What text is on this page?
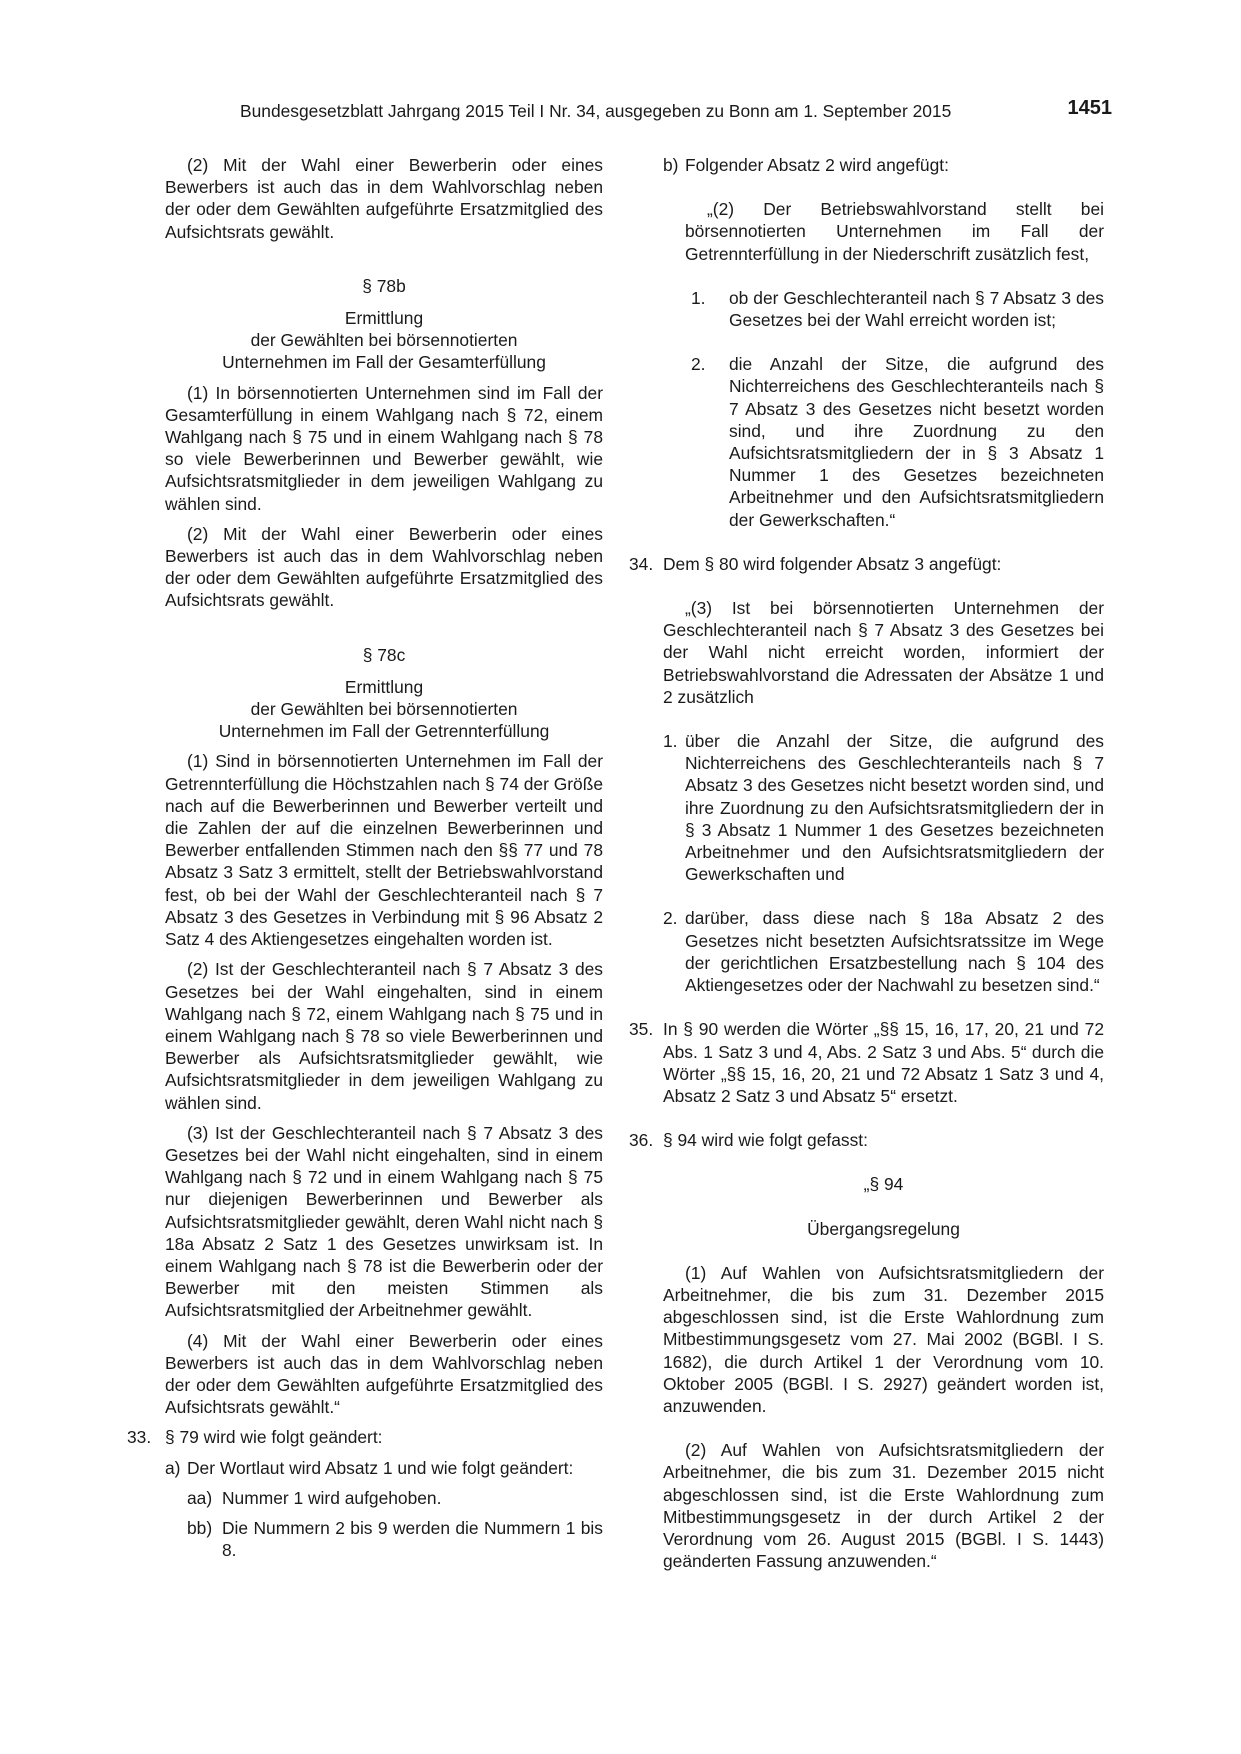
Bundesgesetzblatt Jahrgang 2015 Teil I Nr. 34, ausgegeben zu Bonn am 1. September 2015	1451

(2) Mit der Wahl einer Bewerberin oder eines Bewerbers ist auch das in dem Wahlvorschlag neben der oder dem Gewählten aufgeführte Ersatzmitglied des Aufsichtsrats gewählt.

§ 78b
Ermittlung
der Gewählten bei börsennotierten
Unternehmen im Fall der Gesamterfüllung

(1) In börsennotierten Unternehmen sind im Fall der Gesamterfüllung in einem Wahlgang nach § 72, einem Wahlgang nach § 75 und in einem Wahlgang nach § 78 so viele Bewerberinnen und Bewerber gewählt, wie Aufsichtsratsmitglieder in dem jeweiligen Wahlgang zu wählen sind.

(2) Mit der Wahl einer Bewerberin oder eines Bewerbers ist auch das in dem Wahlvorschlag neben der oder dem Gewählten aufgeführte Ersatzmitglied des Aufsichtsrats gewählt.

§ 78c
Ermittlung
der Gewählten bei börsennotierten
Unternehmen im Fall der Getrennterfüllung

(1) Sind in börsennotierten Unternehmen im Fall der Getrennterfüllung die Höchstzahlen nach § 74 der Größe nach auf die Bewerberinnen und Bewerber verteilt und die Zahlen der auf die einzelnen Bewerberinnen und Bewerber entfallenden Stimmen nach den §§ 77 und 78 Absatz 3 Satz 3 ermittelt, stellt der Betriebswahlvorstand fest, ob bei der Wahl der Geschlechteranteil nach § 7 Absatz 3 des Gesetzes in Verbindung mit § 96 Absatz 2 Satz 4 des Aktiengesetzes eingehalten worden ist.

(2) Ist der Geschlechteranteil nach § 7 Absatz 3 des Gesetzes bei der Wahl eingehalten, sind in einem Wahlgang nach § 72, einem Wahlgang nach § 75 und in einem Wahlgang nach § 78 so viele Bewerberinnen und Bewerber als Aufsichtsratsmitglieder gewählt, wie Aufsichtsratsmitglieder in dem jeweiligen Wahlgang zu wählen sind.

(3) Ist der Geschlechteranteil nach § 7 Absatz 3 des Gesetzes bei der Wahl nicht eingehalten, sind in einem Wahlgang nach § 72 und in einem Wahlgang nach § 75 nur diejenigen Bewerberinnen und Bewerber als Aufsichtsratsmitglieder gewählt, deren Wahl nicht nach § 18a Absatz 2 Satz 1 des Gesetzes unwirksam ist. In einem Wahlgang nach § 78 ist die Bewerberin oder der Bewerber mit den meisten Stimmen als Aufsichtsratsmitglied der Arbeitnehmer gewählt.

(4) Mit der Wahl einer Bewerberin oder eines Bewerbers ist auch das in dem Wahlvorschlag neben der oder dem Gewählten aufgeführte Ersatzmitglied des Aufsichtsrats gewählt.“

33. § 79 wird wie folgt geändert:
a) Der Wortlaut wird Absatz 1 und wie folgt geändert:
aa) Nummer 1 wird aufgehoben.
bb) Die Nummern 2 bis 9 werden die Nummern 1 bis 8.
b) Folgender Absatz 2 wird angefügt:

„(2) Der Betriebswahlvorstand stellt bei börsennotierten Unternehmen im Fall der Getrennterfüllung in der Niederschrift zusätzlich fest,

1. ob der Geschlechteranteil nach § 7 Absatz 3 des Gesetzes bei der Wahl erreicht worden ist;
2. die Anzahl der Sitze, die aufgrund des Nichterreichens des Geschlechteranteils nach § 7 Absatz 3 des Gesetzes nicht besetzt worden sind, und ihre Zuordnung zu den Aufsichtsratsmitgliedern der in § 3 Absatz 1 Nummer 1 des Gesetzes bezeichneten Arbeitnehmer und den Aufsichtsratsmitgliedern der Gewerkschaften.“
34. Dem § 80 wird folgender Absatz 3 angefügt:

„(3) Ist bei börsennotierten Unternehmen der Geschlechteranteil nach § 7 Absatz 3 des Gesetzes bei der Wahl nicht erreicht worden, informiert der Betriebswahlvorstand die Adressaten der Absätze 1 und 2 zusätzlich

1. über die Anzahl der Sitze, die aufgrund des Nichterreichens des Geschlechteranteils nach § 7 Absatz 3 des Gesetzes nicht besetzt worden sind, und ihre Zuordnung zu den Aufsichtsratsmitgliedern der in § 3 Absatz 1 Nummer 1 des Gesetzes bezeichneten Arbeitnehmer und den Aufsichtsratsmitgliedern der Gewerkschaften und
2. darüber, dass diese nach § 18a Absatz 2 des Gesetzes nicht besetzten Aufsichtsratssitze im Wege der gerichtlichen Ersatzbestellung nach § 104 des Aktiengesetzes oder der Nachwahl zu besetzen sind.“
35. In § 90 werden die Wörter „§§ 15, 16, 17, 20, 21 und 72 Abs. 1 Satz 3 und 4, Abs. 2 Satz 3 und Abs. 5“ durch die Wörter „§§ 15, 16, 20, 21 und 72 Absatz 1 Satz 3 und 4, Absatz 2 Satz 3 und Absatz 5“ ersetzt.
36. § 94 wird wie folgt gefasst:
„§ 94
Übergangsregelung

(1) Auf Wahlen von Aufsichtsratsmitgliedern der Arbeitnehmer, die bis zum 31. Dezember 2015 abgeschlossen sind, ist die Erste Wahlordnung zum Mitbestimmungsgesetz vom 27. Mai 2002 (BGBl. I S. 1682), die durch Artikel 1 der Verordnung vom 10. Oktober 2005 (BGBl. I S. 2927) geändert worden ist, anzuwenden.

(2) Auf Wahlen von Aufsichtsratsmitgliedern der Arbeitnehmer, die bis zum 31. Dezember 2015 nicht abgeschlossen sind, ist die Erste Wahlordnung zum Mitbestimmungsgesetz in der durch Artikel 2 der Verordnung vom 26. August 2015 (BGBl. I S. 1443) geänderten Fassung anzuwenden.“
